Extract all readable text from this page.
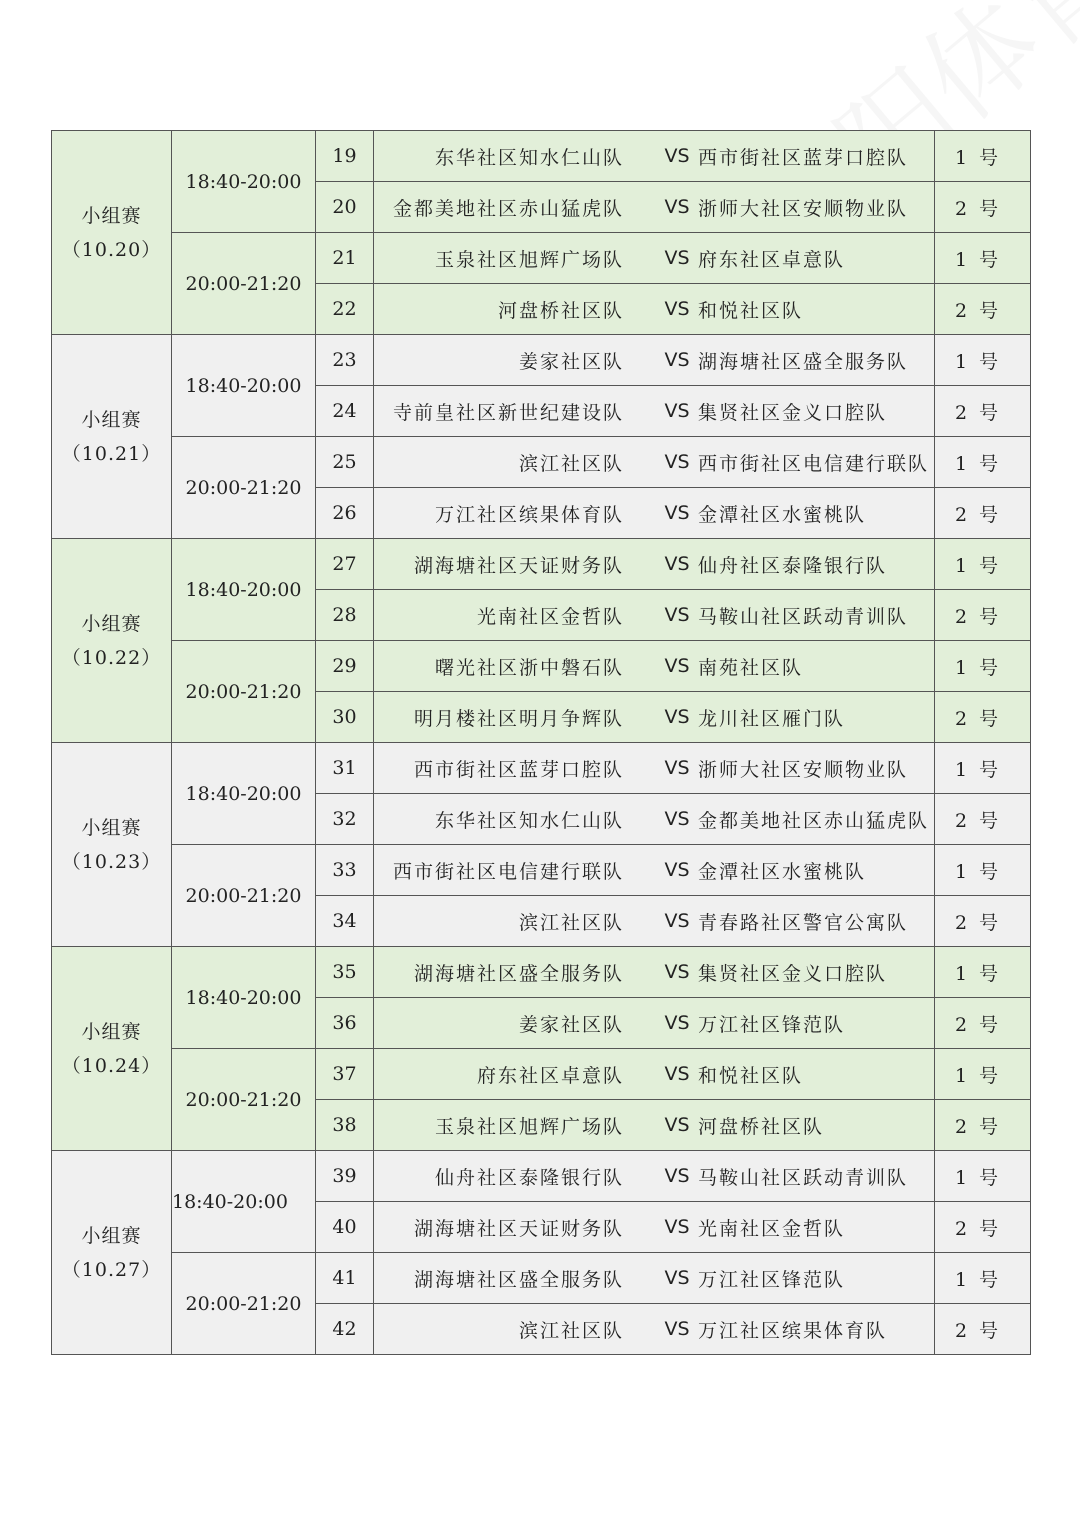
小组赛
（10.20）	18:40-20:00	19	东华社区知水仁山队 VS 西市街社区蓝芽口腔队	1号
		20	金都美地社区赤山猛虎队 VS 浙师大社区安顺物业队	2号
	20:00-21:20	21	玉泉社区旭辉广场队 VS 府东社区卓意队	1号
		22	河盘桥社区队 VS 和悦社区队	2号

小组赛
（10.21）	18:40-20:00	23	姜家社区队 VS 湖海塘社区盛全服务队	1号
		24	寺前皇社区新世纪建设队 VS 集贤社区金义口腔队	2号
	20:00-21:20	25	滨江社区队 VS 西市街社区电信建行联队	1号
		26	万江社区缤果体育队 VS 金潭社区水蜜桃队	2号

小组赛
（10.22）	18:40-20:00	27	湖海塘社区天证财务队 VS 仙舟社区泰隆银行队	1号
		28	光南社区金哲队 VS 马鞍山社区跃动青训队	2号
	20:00-21:20	29	曙光社区浙中磐石队 VS 南苑社区队	1号
		30	明月楼社区明月争辉队 VS 龙川社区雁门队	2号

小组赛
（10.23）	18:40-20:00	31	西市街社区蓝芽口腔队 VS 浙师大社区安顺物业队	1号
		32	东华社区知水仁山队 VS 金都美地社区赤山猛虎队	2号
	20:00-21:20	33	西市街社区电信建行联队 VS 金潭社区水蜜桃队	1号
		34	滨江社区队 VS 青春路社区警官公寓队	2号

小组赛
（10.24）	18:40-20:00	35	湖海塘社区盛全服务队 VS 集贤社区金义口腔队	1号
		36	姜家社区队 VS 万江社区锋范队	2号
	20:00-21:20	37	府东社区卓意队 VS 和悦社区队	1号
		38	玉泉社区旭辉广场队 VS 河盘桥社区队	2号

小组赛
（10.27）	18:40-20:00	39	仙舟社区泰隆银行队 VS 马鞍山社区跃动青训队	1号
		40	湖海塘社区天证财务队 VS 光南社区金哲队	2号
	20:00-21:20	41	湖海塘社区盛全服务队 VS 万江社区锋范队	1号
		42	滨江社区队 VS 万江社区缤果体育队	2号
